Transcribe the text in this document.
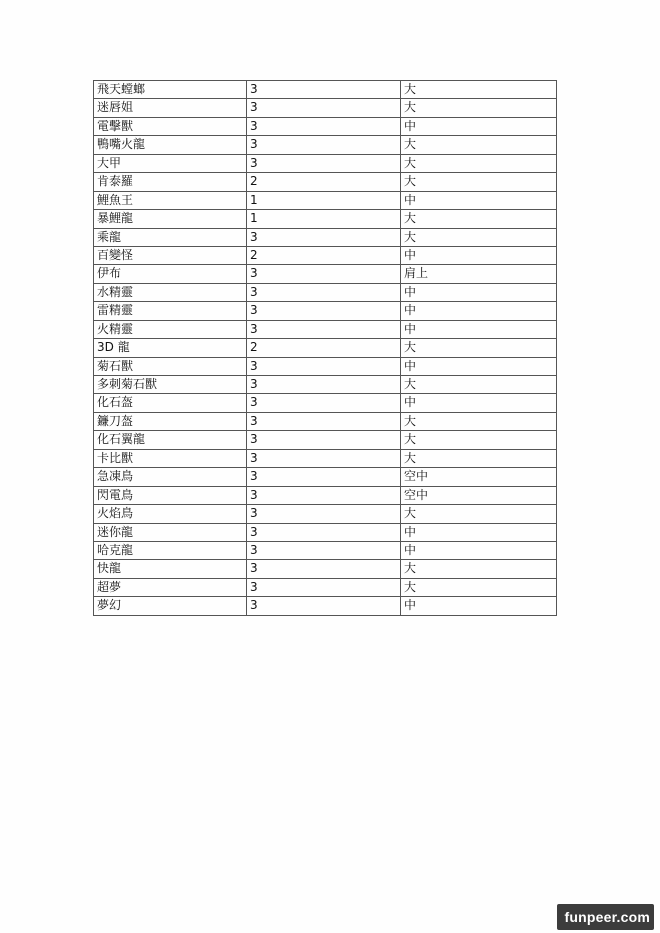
飛天螳螂	3	大
迷唇姐	3	大
電擊獸	3	中
鴨嘴火龍	3	大
大甲	3	大
肯泰羅	2	大
鯉魚王	1	中
暴鯉龍	1	大
乘龍	3	大
百變怪	2	中
伊布	3	肩上
水精靈	3	中
雷精靈	3	中
火精靈	3	中
3D 龍	2	大
菊石獸	3	中
多刺菊石獸	3	大
化石盔	3	中
鐮刀盔	3	大
化石翼龍	3	大
卡比獸	3	大
急凍鳥	3	空中
閃電鳥	3	空中
火焰鳥	3	大
迷你龍	3	中
哈克龍	3	中
快龍	3	大
超夢	3	大
夢幻	3	中
funpeer.com
